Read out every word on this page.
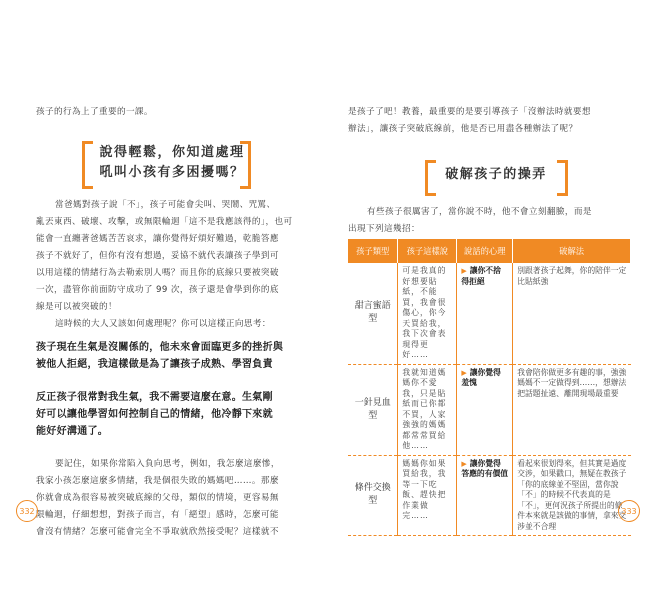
孩子的行為上了重要的一課。
說得輕鬆，你知道處理
吼叫小孩有多困擾嗎？
當爸媽對孩子說「不」，孩子可能會尖叫、哭鬧、咒罵、
亂丟東西、破壞、攻擊，或無限輪迴「這不是我應該得的」，也可
能會一直纏著爸媽苦苦哀求，讓你覺得好煩好難過，乾脆答應
孩子不就好了，但你有沒有想過，妥協不就代表讓孩子學到可
以用這樣的情緒行為去勒索別人嗎？而且你的底線只要被突破
一次，盡管你前面防守成功了 99 次，孩子還是會學到你的底
線是可以被突破的！
這時候的大人又該如何處理呢？你可以這樣正向思考：
孩子現在生氣是沒關係的，他未來會面臨更多的挫折與
被他人拒絕，我這樣做是為了讓孩子成熟、學習負責
反正孩子很常對我生氣，我不需要這麼在意。生氣剛
好可以讓他學習如何控制自己的情緒，他冷靜下來就
能好好溝通了。
要記住，如果你常陷入負向思考，例如，我怎麼這麼慘，
我家小孩怎麼這麼多情緒，我是個很失敗的媽媽吧……。那麼
你就會成為很容易被突破底線的父母，類似的情境，更容易無
限輪迴，仔細想想，對孩子而言，有「絕望」感時，怎麼可能
會沒有情緒？怎麼可能會完全不爭取就欣然接受呢？這樣就不
332
是孩子了吧！教養，最重要的是要引導孩子「沒辦法時就要想
辦法」，讓孩子突破底線前，他是否已用盡各種辦法了呢？
破解孩子的操弄
有些孩子很厲害了，當你說不時，他不會立刻翻臉，而是
出現下列這幾招：
孩子類型	孩子這樣說	說話的心理	破解法
甜言蜜語型	可是我真的好想要貼紙，不能買，我會很傷心，你今天買給我，我下次會表現得更好……	▶ 讓你不捨得拒絕	別跟著孩子起舞，你的陪伴一定比貼紙強
一針見血型	我就知道媽媽你不愛我，只是貼紙而已你都不買，人家強強的媽媽都常常買給他……	▶ 讓你覺得羞愧	我會陪你做更多有趣的事，強強媽媽不一定做得到……，想辦法把話題扯遠、離開現場最重要
條件交換型	媽媽你如果買給我，我等一下吃飯、趕快把作業做完……	▶ 讓你覺得答應的有價值	看起來很划得來，但其實是過度交涉，如果戳口，無疑在教孩子「你的底線並不堅固，當你說「不」的時候不代表真的是「不」，更何況孩子所提出的條件本來就是該做的事情，拿來交涉並不合理
333
